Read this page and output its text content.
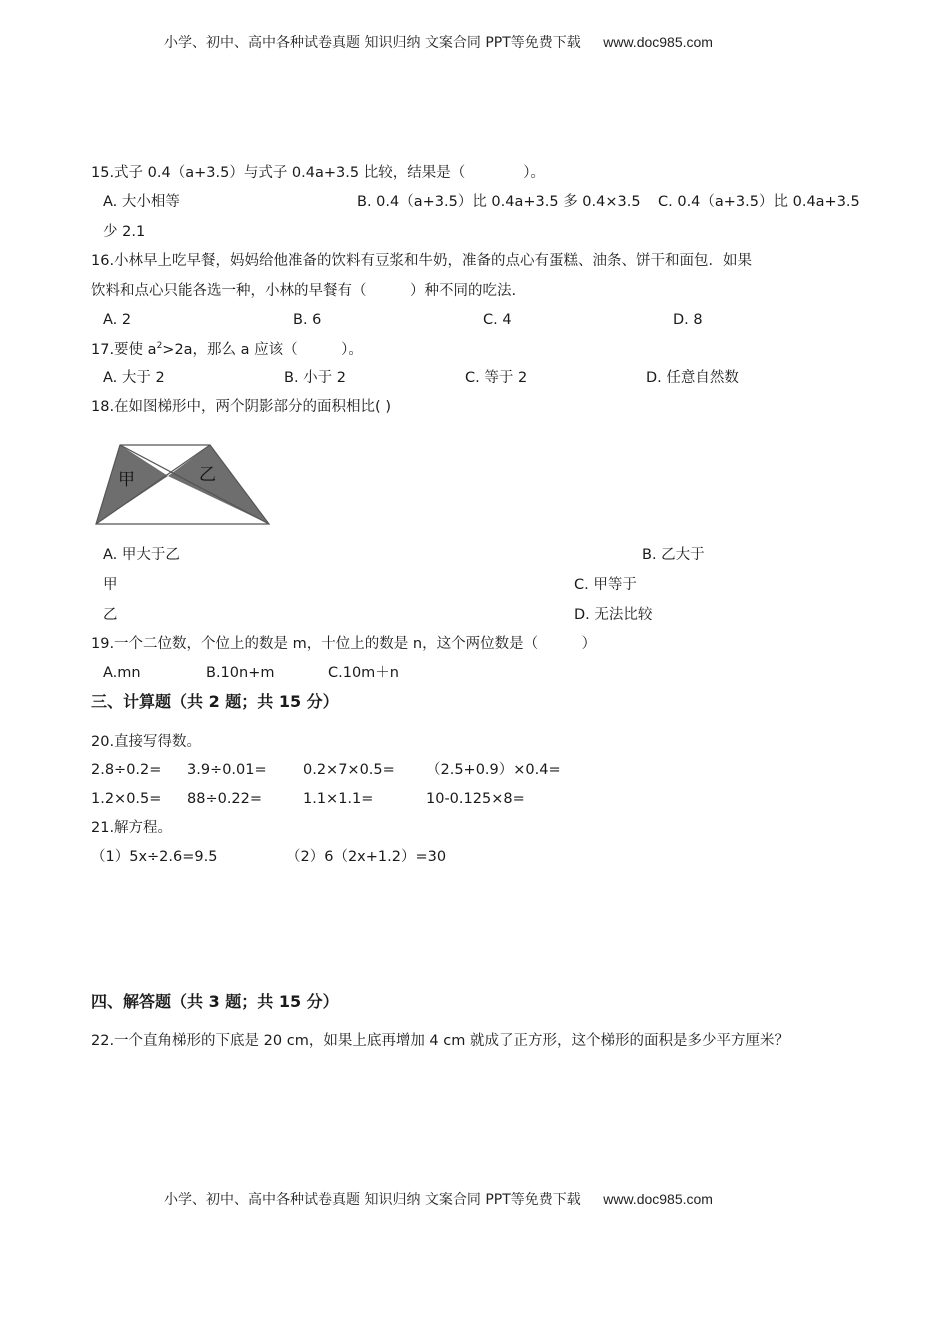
小学、初中、高中各种试卷真题 知识归纳 文案合同 PPT等免费下载 www.doc985.com
15.式子 0.4（a+3.5）与式子 0.4a+3.5 比较，结果是（　　　　）。
A. 大小相等	B. 0.4（a+3.5）比 0.4a+3.5 多 0.4×3.5 C. 0.4（a+3.5）比 0.4a+3.5
少 2.1
16.小林早上吃早餐，妈妈给他准备的饮料有豆浆和牛奶，准备的点心有蛋糕、油条、饼干和面包．如果
饮料和点心只能各选一种，小林的早餐有（　　　）种不同的吃法.
A. 2	B. 6	C. 4	D. 8
17.要使 $a^2>2a$，那么 a 应该（　　　）。
A. 大于 2	B. 小于 2	C. 等于 2	D. 任意自然数
18.在如图梯形中，两个阴影部分的面积相比( )
甲	乙
A. 甲大于乙	B. 乙大于
甲	C. 甲等于
乙	D. 无法比较
19.一个二位数，个位上的数是 m，十位上的数是 n，这个两位数是（　　　）
A.mn	B.10n+m	C.10m＋n
三、计算题（共 2 题；共 15 分）
20.直接写得数。
2.8÷0.2= 3.9÷0.01=	0.2×7×0.5= （2.5+0.9）×0.4=
1.2×0.5= 88÷0.22=	1.1×1.1=	10-0.125×8=
21.解方程。
（1）5x÷2.6=9.5	（2）6（2x+1.2）=30
四、解答题（共 3 题；共 15 分）
22.一个直角梯形的下底是 20 cm，如果上底再增加 4 cm 就成了正方形，这个梯形的面积是多少平方厘米？
小学、初中、高中各种试卷真题 知识归纳 文案合同 PPT等免费下载 www.doc985.com
